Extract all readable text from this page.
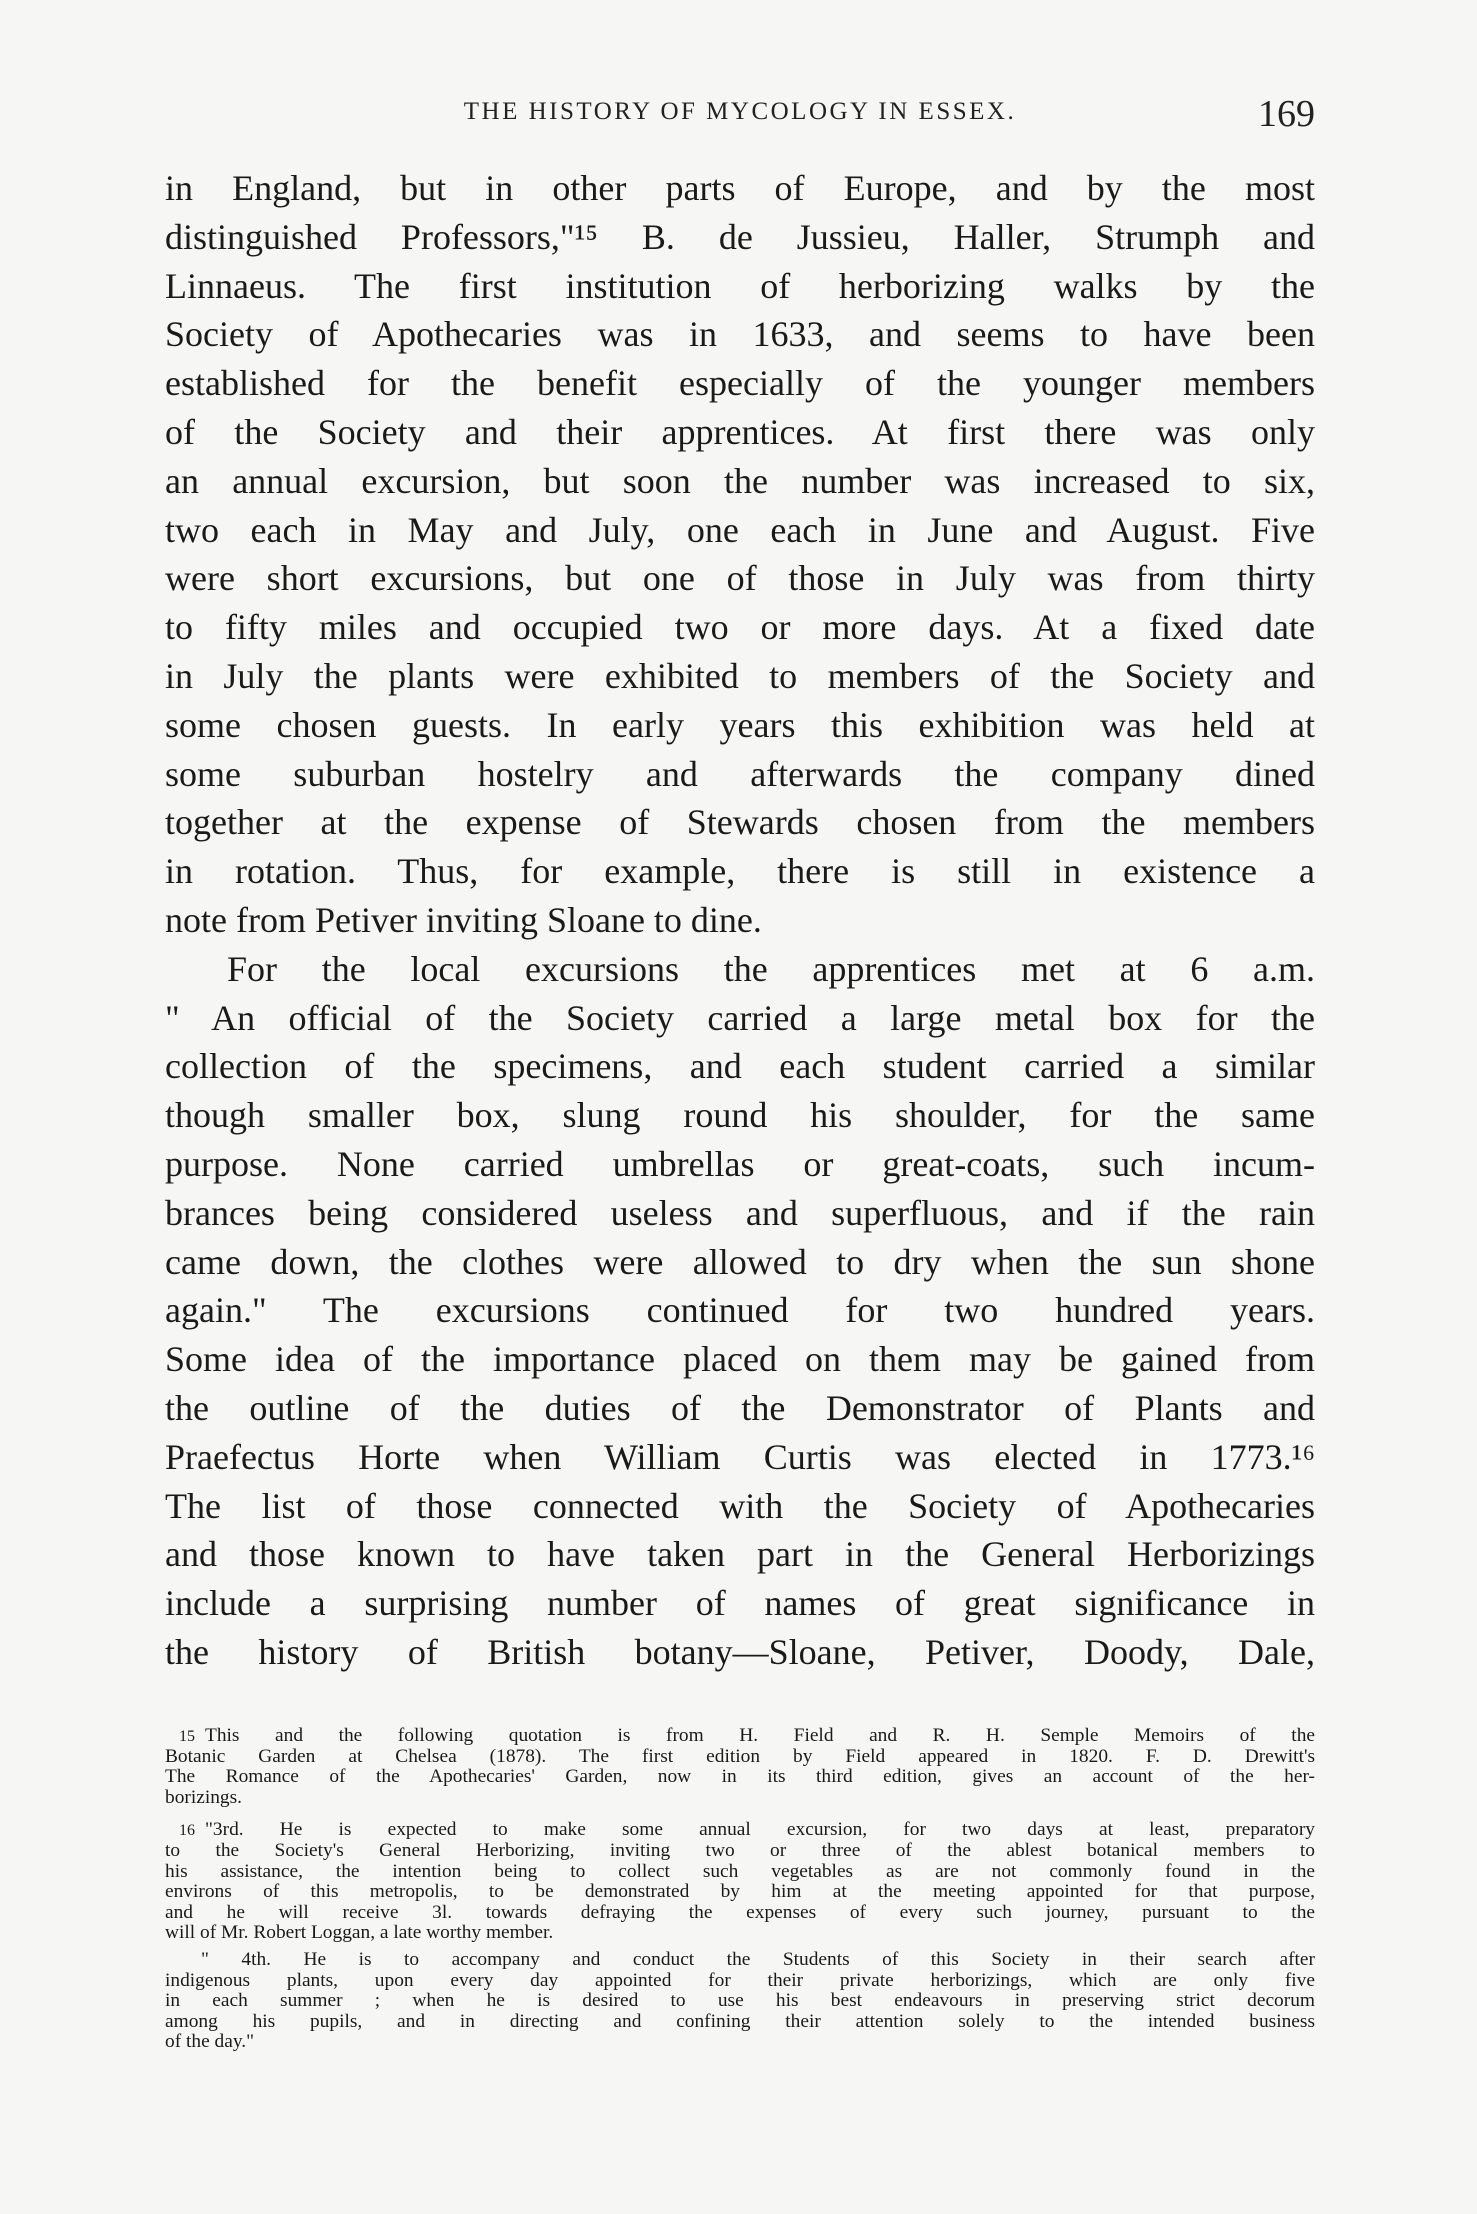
THE HISTORY OF MYCOLOGY IN ESSEX.	169
in England, but in other parts of Europe, and by the most
distinguished Professors,"¹⁵ B. de Jussieu, Haller, Strumph and
Linnaeus. The first institution of herborizing walks by the
Society of Apothecaries was in 1633, and seems to have been
established for the benefit especially of the younger members
of the Society and their apprentices. At first there was only
an annual excursion, but soon the number was increased to six,
two each in May and July, one each in June and August. Five
were short excursions, but one of those in July was from thirty
to fifty miles and occupied two or more days. At a fixed date
in July the plants were exhibited to members of the Society and
some chosen guests. In early years this exhibition was held at
some suburban hostelry and afterwards the company dined
together at the expense of Stewards chosen from the members
in rotation. Thus, for example, there is still in existence a
note from Petiver inviting Sloane to dine.
For the local excursions the apprentices met at 6 a.m.
" An official of the Society carried a large metal box for the
collection of the specimens, and each student carried a similar
though smaller box, slung round his shoulder, for the same
purpose. None carried umbrellas or great-coats, such incum-
brances being considered useless and superfluous, and if the rain
came down, the clothes were allowed to dry when the sun shone
again." The excursions continued for two hundred years.
Some idea of the importance placed on them may be gained from
the outline of the duties of the Demonstrator of Plants and
Praefectus Horte when William Curtis was elected in 1773.¹⁶
The list of those connected with the Society of Apothecaries
and those known to have taken part in the General Herborizings
include a surprising number of names of great significance in
the history of British botany—Sloane, Petiver, Doody, Dale,
15 This and the following quotation is from H. Field and R. H. Semple Memoirs of the
Botanic Garden at Chelsea (1878). The first edition by Field appeared in 1820. F. D. Drewitt's
The Romance of the Apothecaries' Garden, now in its third edition, gives an account of the her-
borizings.
16 "3rd. He is expected to make some annual excursion, for two days at least, preparatory
to the Society's General Herborizing, inviting two or three of the ablest botanical members to
his assistance, the intention being to collect such vegetables as are not commonly found in the
environs of this metropolis, to be demonstrated by him at the meeting appointed for that purpose,
and he will receive 3l. towards defraying the expenses of every such journey, pursuant to the
will of Mr. Robert Loggan, a late worthy member.
" 4th. He is to accompany and conduct the Students of this Society in their search after
indigenous plants, upon every day appointed for their private herborizings, which are only five
in each summer ; when he is desired to use his best endeavours in preserving strict decorum
among his pupils, and in directing and confining their attention solely to the intended business
of the day."
